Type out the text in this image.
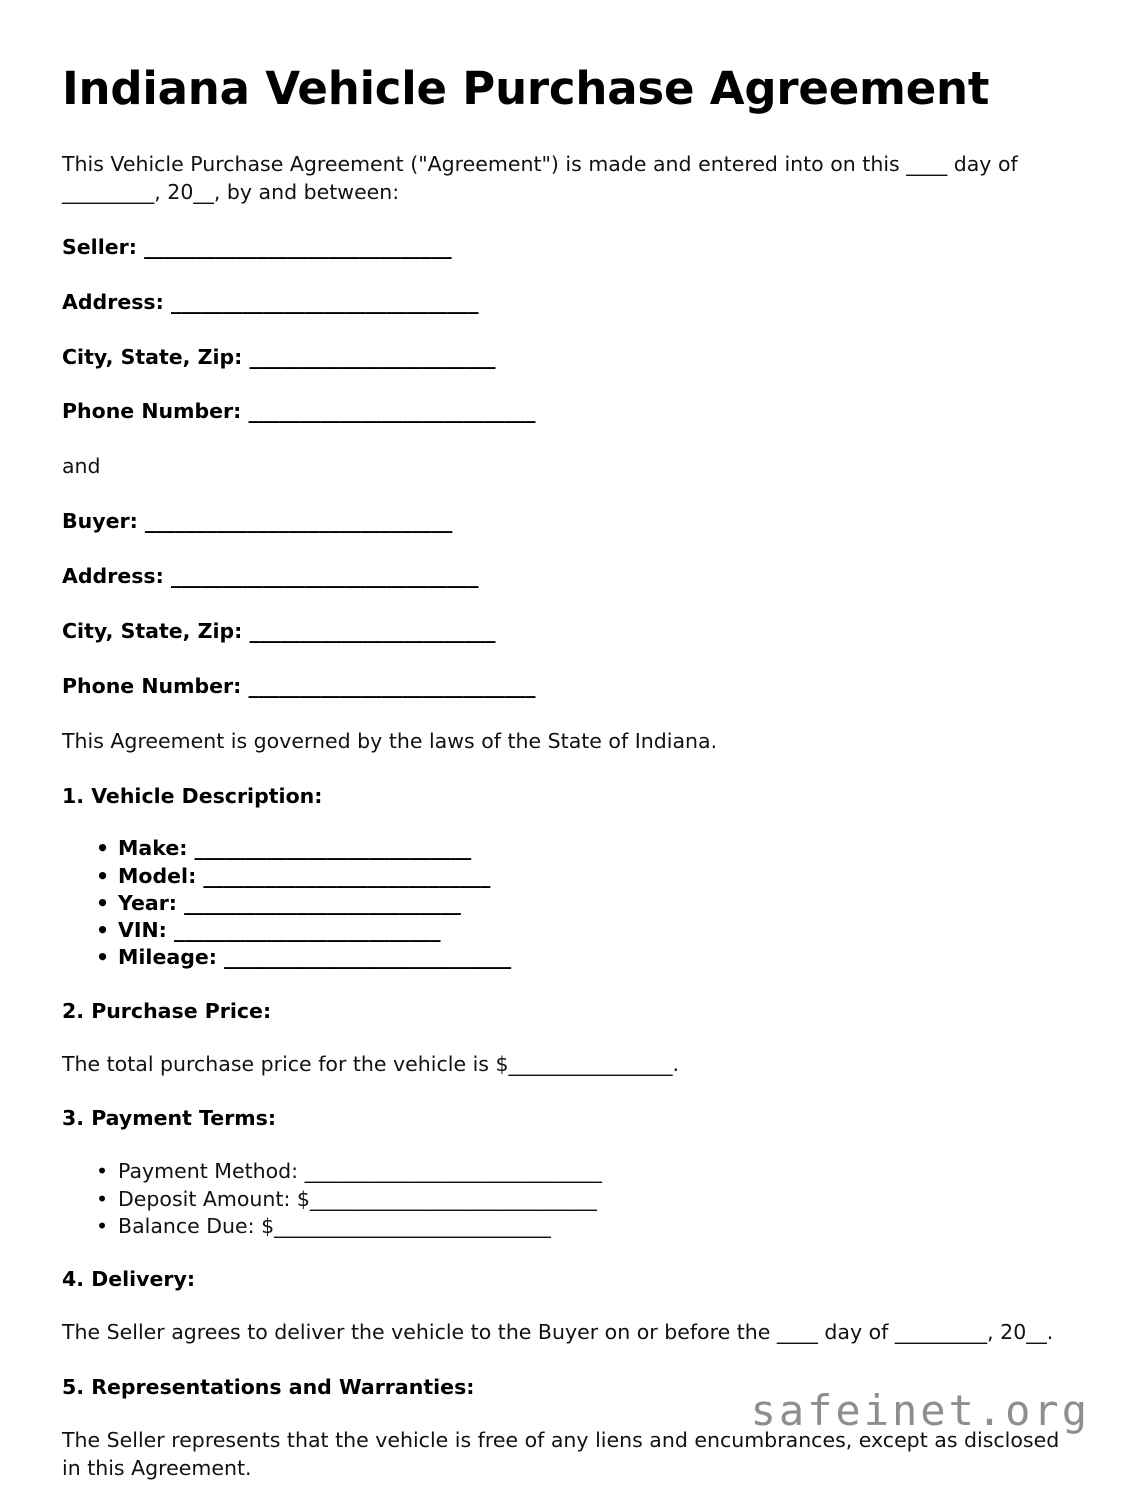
Indiana Vehicle Purchase Agreement

This Vehicle Purchase Agreement ("Agreement") is made and entered into on this ____ day of _________, 20__, by and between:

Seller: ______________________________

Address: ______________________________

City, State, Zip: ________________________

Phone Number: ____________________________

and

Buyer: ______________________________

Address: ______________________________

City, State, Zip: ________________________

Phone Number: ____________________________

This Agreement is governed by the laws of the State of Indiana.

1. Vehicle Description:
• Make: ___________________________
• Model: ____________________________
• Year: ___________________________
• VIN: __________________________
• Mileage: ____________________________
2. Purchase Price:

The total purchase price for the vehicle is $________________.

3. Payment Terms:
• Payment Method: _____________________________
• Deposit Amount: $____________________________
• Balance Due: $___________________________
4. Delivery:

The Seller agrees to deliver the vehicle to the Buyer on or before the ____ day of _________, 20__.

5. Representations and Warranties:

The Seller represents that the vehicle is free of any liens and encumbrances, except as disclosed in this Agreement.

safeinet.org
